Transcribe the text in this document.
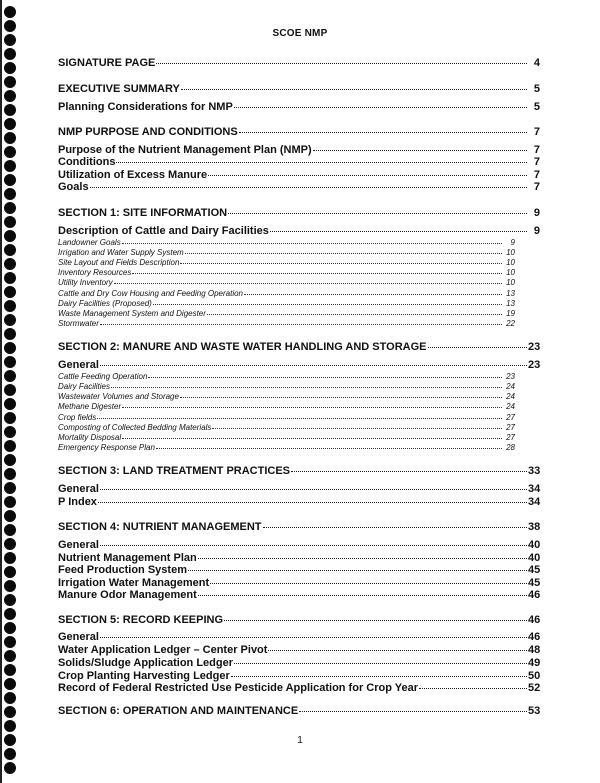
SCOE NMP
SIGNATURE PAGE	4
EXECUTIVE SUMMARY	5
Planning Considerations for NMP	5
NMP PURPOSE AND CONDITIONS	7
Purpose of the Nutrient Management Plan (NMP)	7
Conditions	7
Utilization of Excess Manure	7
Goals	7
SECTION 1: SITE INFORMATION	9
Description of Cattle and Dairy Facilities	9
Landowner Goals	9
Irrigation and Water Supply System	10
Site Layout and Fields Description	10
Inventory Resources	10
Utility Inventory	10
Cattle and Dry Cow Housing and Feeding Operation	13
Dairy Facilities (Proposed)	13
Waste Management System and Digester	19
Stormwater	22
SECTION 2: MANURE AND WASTE WATER HANDLING AND STORAGE	23
General	23
Cattle Feeding Operation	23
Dairy Facilities	24
Wastewater Volumes and Storage	24
Methane Digester	24
Crop fields	27
Composting of Collected Bedding Materials	27
Mortality Disposal	27
Emergency Response Plan	28
SECTION 3: LAND TREATMENT PRACTICES	33
General	34
P Index	34
SECTION 4: NUTRIENT MANAGEMENT	38
General	40
Nutrient Management Plan	40
Feed Production System	45
Irrigation Water Management	45
Manure Odor Management	46
SECTION 5: RECORD KEEPING	46
General	46
Water Application Ledger – Center Pivot	48
Solids/Sludge Application Ledger	49
Crop Planting Harvesting Ledger	50
Record of Federal Restricted Use Pesticide Application for Crop Year	52
SECTION 6: OPERATION AND MAINTENANCE	53
1
